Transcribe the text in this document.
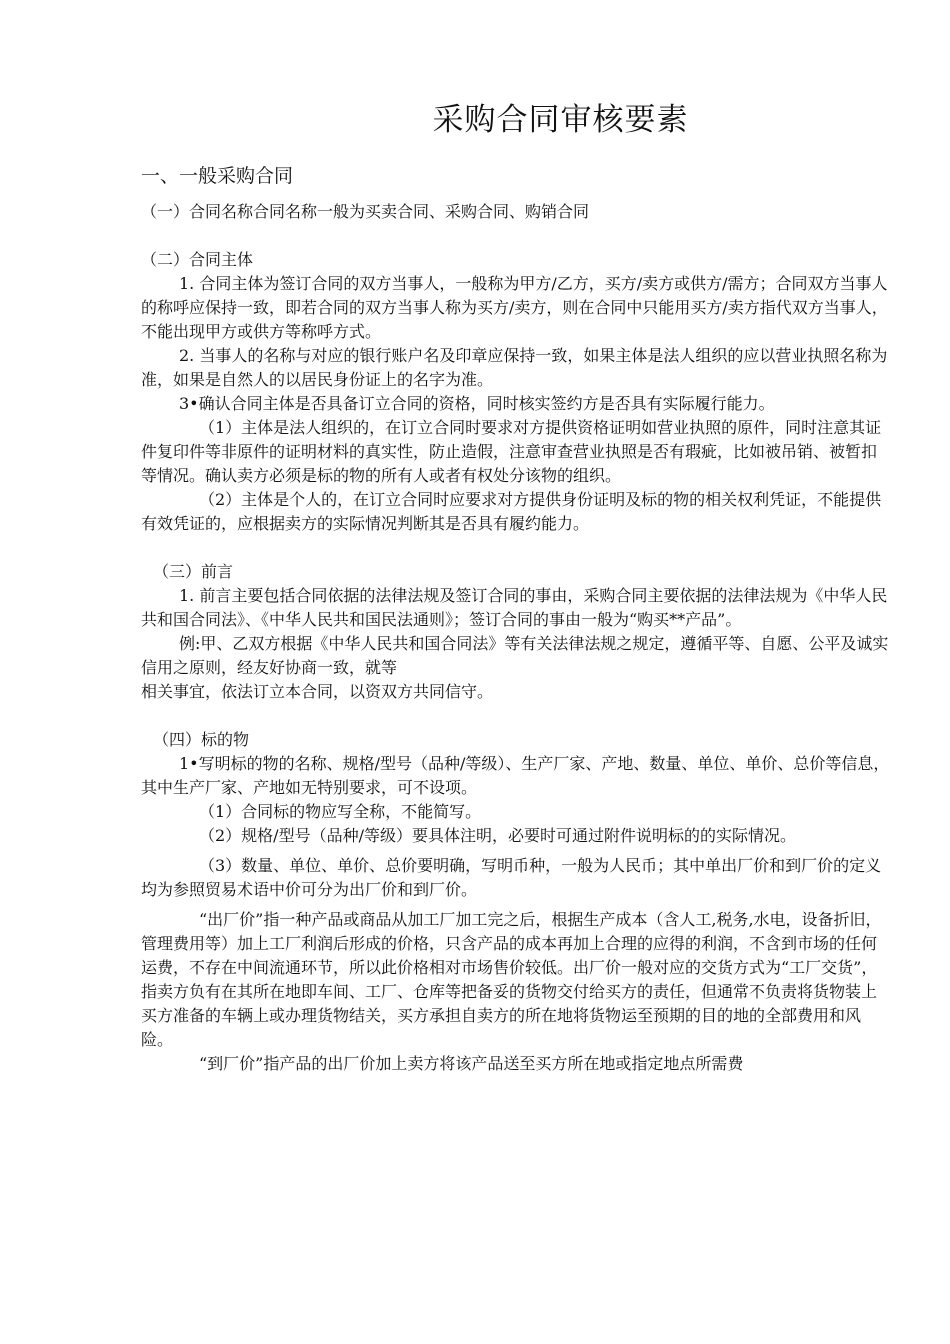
采购合同审核要素
一、一般采购合同

（一）合同名称合同名称一般为买卖合同、采购合同、购销合同

（二）合同主体

1. 合同主体为签订合同的双方当事人，一般称为甲方/乙方，买方/卖方或供方/需方；合同双方当事人的称呼应保持一致，即若合同的双方当事人称为买方/卖方，则在合同中只能用买方/卖方指代双方当事人，不能出现甲方或供方等称呼方式。

2. 当事人的名称与对应的银行账户名及印章应保持一致，如果主体是法人组织的应以营业执照名称为准，如果是自然人的以居民身份证上的名字为准。

3•确认合同主体是否具备订立合同的资格，同时核实签约方是否具有实际履行能力。

（1）主体是法人组织的，在订立合同时要求对方提供资格证明如营业执照的原件，同时注意其证件复印件等非原件的证明材料的真实性，防止造假，注意审查营业执照是否有瑕疵，比如被吊销、被暂扣等情况。确认卖方必须是标的物的所有人或者有权处分该物的组织。

（2）主体是个人的，在订立合同时应要求对方提供身份证明及标的物的相关权利凭证，不能提供有效凭证的，应根据卖方的实际情况判断其是否具有履约能力。

（三）前言

1. 前言主要包括合同依据的法律法规及签订合同的事由，采购合同主要依据的法律法规为《中华人民共和国合同法》、《中华人民共和国民法通则》；签订合同的事由一般为“购买**产品”。

例:甲、乙双方根据《中华人民共和国合同法》等有关法律法规之规定，遵循平等、自愿、公平及诚实信用之原则，经友好协商一致，就等

相关事宜，依法订立本合同，以资双方共同信守。

（四）标的物

1•写明标的物的名称、规格/型号（品种/等级）、生产厂家、产地、数量、单位、单价、总价等信息，其中生产厂家、产地如无特别要求，可不设项。

（1）合同标的物应写全称，不能简写。

（2）规格/型号（品种/等级）要具体注明，必要时可通过附件说明标的的实际情况。

（3）数量、单位、单价、总价要明确，写明币种，一般为人民币；其中单出厂价和到厂价的定义均为参照贸易术语中价可分为出厂价和到厂价。

“出厂价”指一种产品或商品从加工厂加工完之后，根据生产成本（含人工,税务,水电，设备折旧，管理费用等）加上工厂利润后形成的价格，只含产品的成本再加上合理的应得的利润，不含到市场的任何运费，不存在中间流通环节，所以此价格相对市场售价较低。出厂价一般对应的交货方式为“工厂交货”，指卖方负有在其所在地即车间、工厂、仓库等把备妥的货物交付给买方的责任，但通常不负责将货物装上买方准备的车辆上或办理货物结关，买方承担自卖方的所在地将货物运至预期的目的地的全部费用和风险。

“到厂价”指产品的出厂价加上卖方将该产品送至买方所在地或指定地点所需费
